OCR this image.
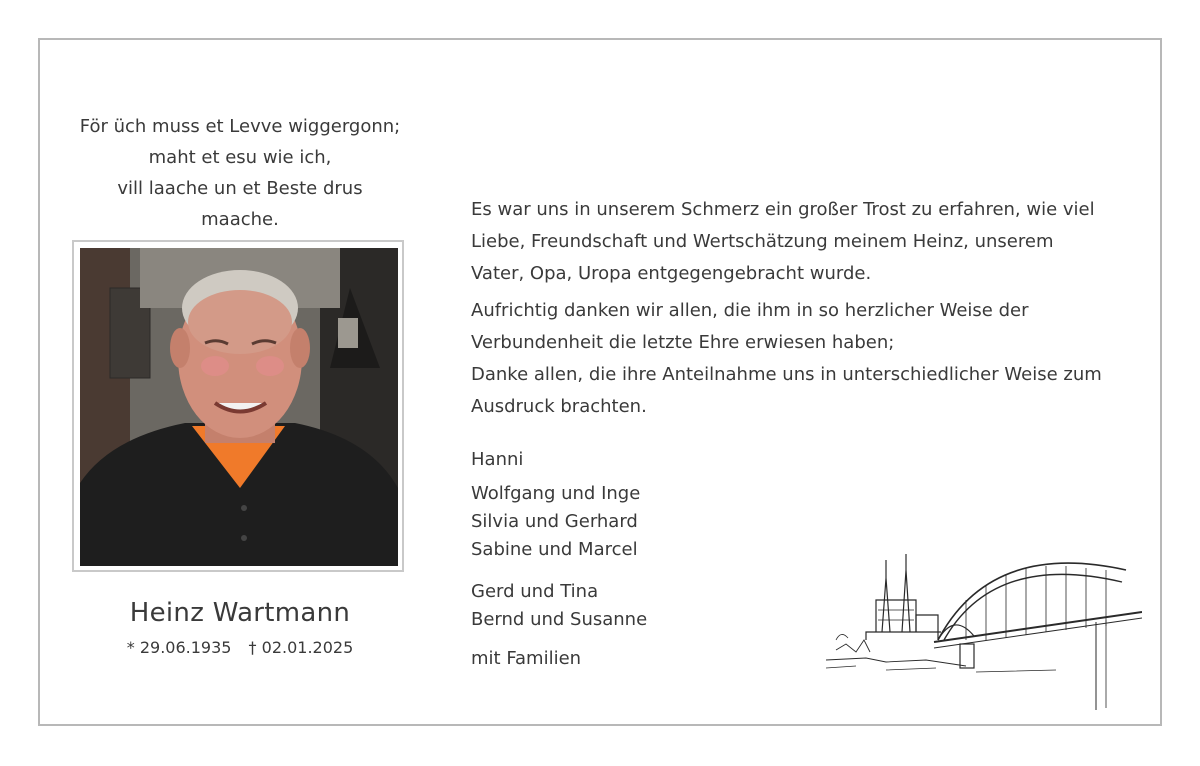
För üch muss et Levve wiggergonn;
maht et esu wie ich,
vill laache un et Beste drus
maache.
Heinz Wartmann
* 29.06.1935 † 02.01.2025

Es war uns in unserem Schmerz ein großer Trost zu erfahren, wie viel
Liebe, Freundschaft und Wertschätzung meinem Heinz, unserem
Vater, Opa, Uropa entgegengebracht wurde.

Aufrichtig danken wir allen, die ihm in so herzlicher Weise der
Verbundenheit die letzte Ehre erwiesen haben;
Danke allen, die ihre Anteilnahme uns in unterschiedlicher Weise zum
Ausdruck brachten.

Hanni
Wolfgang und Inge
Silvia und Gerhard
Sabine und Marcel
Gerd und Tina
Bernd und Susanne
mit Familien
